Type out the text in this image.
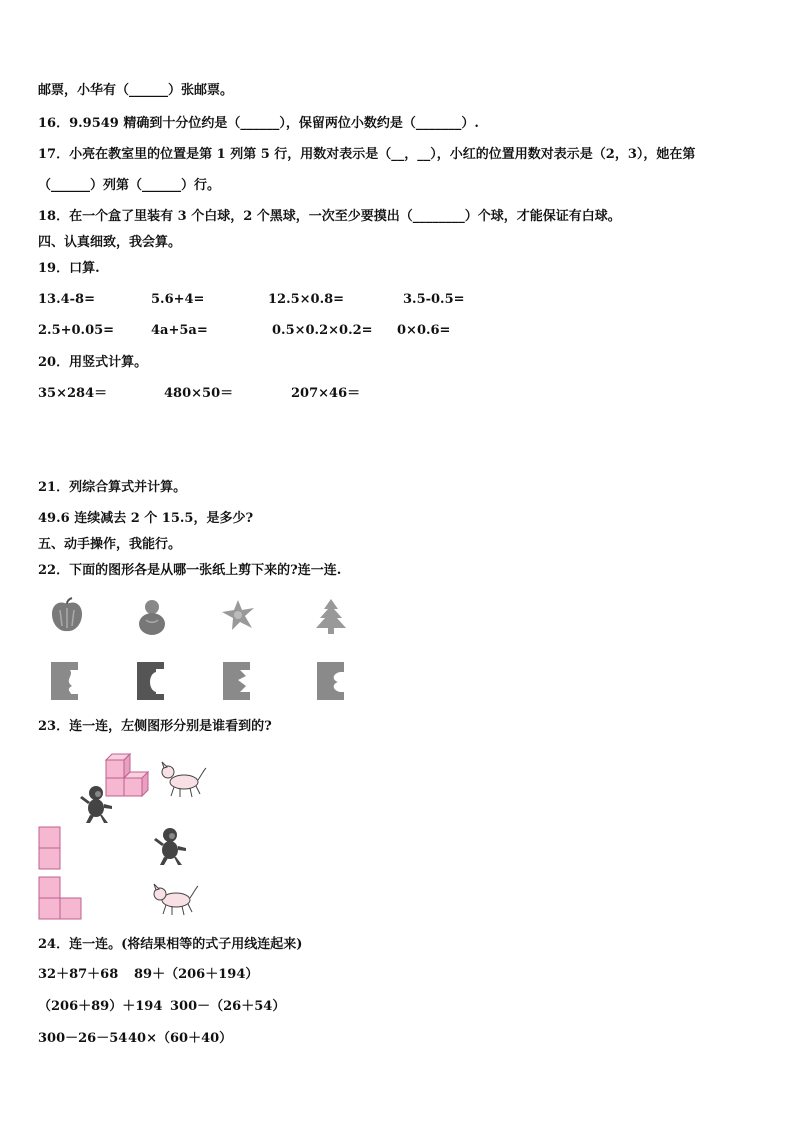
邮票，小华有（______）张邮票。
16．9.9549 精确到十分位约是（______），保留两位小数约是（_______）.
17．小亮在教室里的位置是第 1 列第 5 行，用数对表示是（__，__），小红的位置用数对表示是（2，3），她在第
（______）列第（______）行。
18．在一个盒了里装有 3 个白球，2 个黑球，一次至少要摸出（________）个球，才能保证有白球。
四、认真细致，我会算。
19．口算.
13.4-8=	5.6+4=	12.5×0.8=	3.5-0.5=
2.5+0.05=	4a+5a=	0.5×0.2×0.2= 0×0.6=
20．用竖式计算。
35×284＝	480×50＝	207×46＝
21．列综合算式并计算。
49.6 连续减去 2 个 15.5，是多少?
五、动手操作，我能行。
22．下面的图形各是从哪一张纸上剪下来的?连一连.
23．连一连，左侧图形分别是谁看到的?
24．连一连。(将结果相等的式子用线连起来)
32＋87＋68 89＋（206＋194）
（206＋89）＋194 300－（26＋54）
300－26－54 40×（60＋40）
